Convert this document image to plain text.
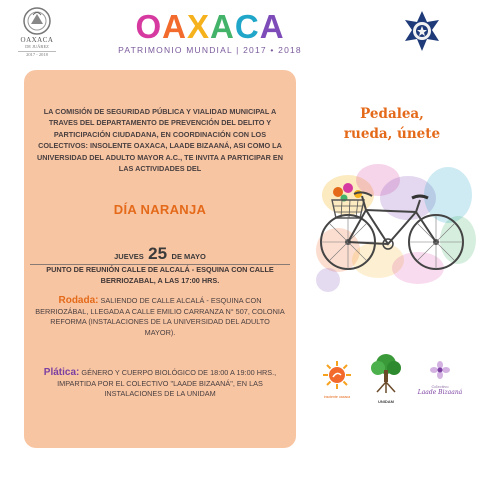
OAXACA
DE JUÁREZ
2017 - 2018
OAXACA
PATRIMONIO MUNDIAL | 2017 • 2018
LA COMISIÓN DE SEGURIDAD PÚBLICA Y VIALIDAD MUNICIPAL A TRAVES DEL DEPARTAMENTO DE PREVENCIÓN DEL DELITO Y PARTICIPACIÓN CIUDADANA, EN COORDINACIÓN CON LOS COLECTIVOS: INSOLENTE OAXACA, LAADE BIZAANÁ, ASI COMO LA UNIVERSIDAD DEL ADULTO MAYOR A.C., TE INVITA A PARTICIPAR EN LAS ACTIVIDADES DEL
DÍA NARANJA
JUEVES 25 DE MAYO
PUNTO DE REUNIÓN CALLE DE ALCALÁ - ESQUINA CON CALLE BERRIOZABAL, A LAS 17:00 HRS.
Rodada: SALIENDO DE CALLE ALCALÁ - ESQUINA CON BERRIOZÁBAL, LLEGADA A CALLE EMILIO CARRANZA N° 507, COLONIA REFORMA (INSTALACIONES DE LA UNIVERSIDAD DEL ADULTO MAYOR).
Plática: GÉNERO Y CUERPO BIOLÓGICO DE 18:00 A 19:00 HRS., IMPARTIDA POR EL COLECTIVO "LAADE BIZAANÁ", EN LAS INSTALACIONES DE LA UNIDAM
Pedalea,
rueda, únete
insolente oaxaca
UNIDAM
Colectivo
Laade Bizaaná
